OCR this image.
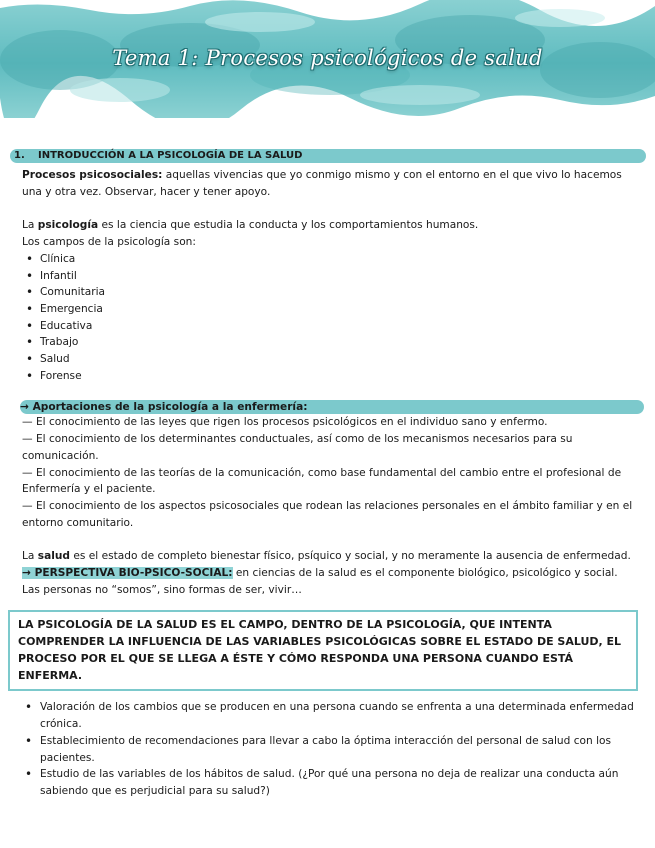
Tema 1: Procesos psicológicos de salud
1. INTRODUCCIÓN A LA PSICOLOGÍA DE LA SALUD

Procesos psicosociales: aquellas vivencias que yo conmigo mismo y con el entorno en el que vivo lo hacemos una y otra vez. Observar, hacer y tener apoyo.

La psicología es la ciencia que estudia la conducta y los comportamientos humanos.

Los campos de la psicología son:

• Clínica
• Infantil
• Comunitaria
• Emergencia
• Educativa
• Trabajo
• Salud
• Forense
→ Aportaciones de la psicología a la enfermería:

— El conocimiento de las leyes que rigen los procesos psicológicos en el individuo sano y enfermo.

— El conocimiento de los determinantes conductuales, así como de los mecanismos necesarios para su comunicación.

— El conocimiento de las teorías de la comunicación, como base fundamental del cambio entre el profesional de Enfermería y el paciente.

— El conocimiento de los aspectos psicosociales que rodean las relaciones personales en el ámbito familiar y en el entorno comunitario.

La salud es el estado de completo bienestar físico, psíquico y social, y no meramente la ausencia de enfermedad.

→ PERSPECTIVA BIO-PSICO-SOCIAL: en ciencias de la salud es el componente biológico, psicológico y social.

Las personas no “somos”, sino formas de ser, vivir…

LA PSICOLOGÍA DE LA SALUD ES EL CAMPO, DENTRO DE LA PSICOLOGÍA, QUE INTENTA COMPRENDER LA INFLUENCIA DE LAS VARIABLES PSICOLÓGICAS SOBRE EL ESTADO DE SALUD, EL PROCESO POR EL QUE SE LLEGA A ÉSTE Y CÓMO RESPONDA UNA PERSONA CUANDO ESTÁ ENFERMA.
• Valoración de los cambios que se producen en una persona cuando se enfrenta a una determinada enfermedad crónica.
• Establecimiento de recomendaciones para llevar a cabo la óptima interacción del personal de salud con los pacientes.
• Estudio de las variables de los hábitos de salud. (¿Por qué una persona no deja de realizar una conducta aún sabiendo que es perjudicial para su salud?)
